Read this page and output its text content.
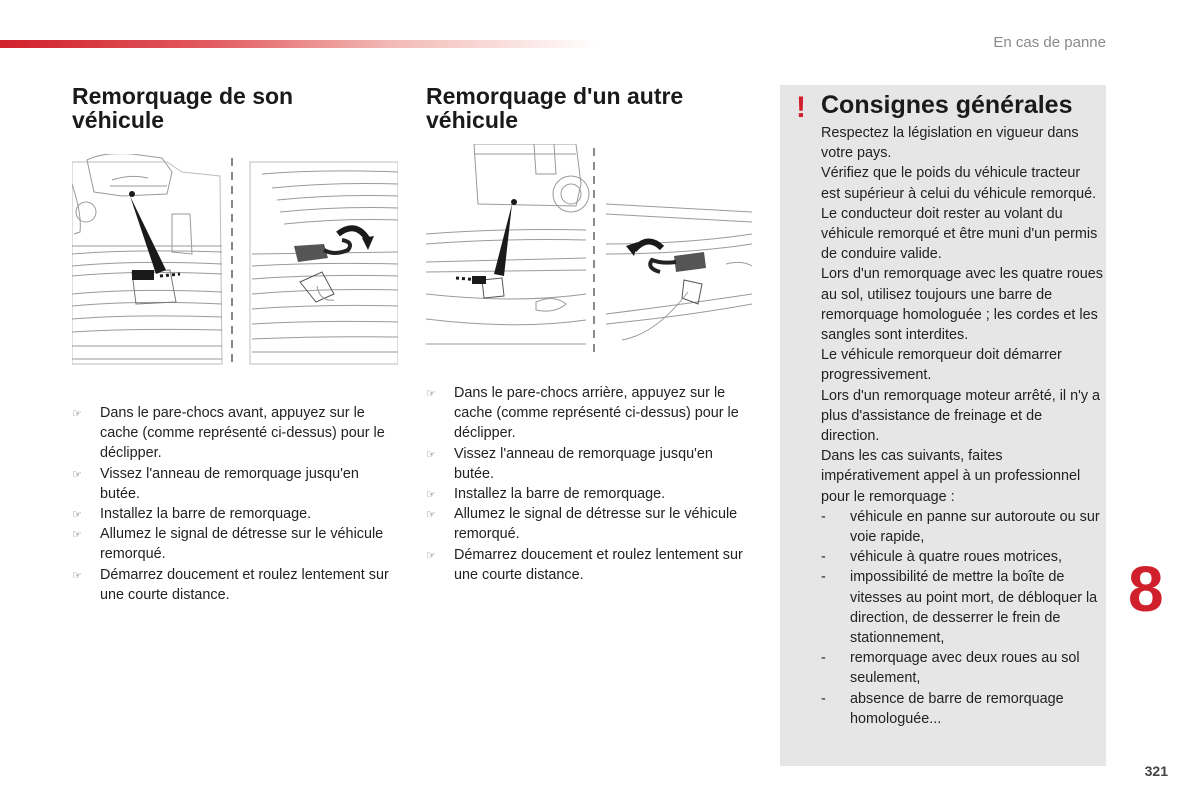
En cas de panne
Remorquage de son
véhicule
☞ Dans le pare-chocs avant, appuyez sur le cache (comme représenté ci-dessus) pour le déclipper.
☞ Vissez l'anneau de remorquage jusqu'en butée.
☞ Installez la barre de remorquage.
☞ Allumez le signal de détresse sur le véhicule remorqué.
☞ Démarrez doucement et roulez lentement sur une courte distance.
Remorquage d'un autre
véhicule
☞ Dans le pare-chocs arrière, appuyez sur le cache (comme représenté ci-dessus) pour le déclipper.
☞ Vissez l'anneau de remorquage jusqu'en butée.
☞ Installez la barre de remorquage.
☞ Allumez le signal de détresse sur le véhicule remorqué.
☞ Démarrez doucement et roulez lentement sur une courte distance.
! Consignes générales

Respectez la législation en vigueur dans votre pays.

Vérifiez que le poids du véhicule tracteur est supérieur à celui du véhicule remorqué.

Le conducteur doit rester au volant du véhicule remorqué et être muni d'un permis de conduire valide.

Lors d'un remorquage avec les quatre roues au sol, utilisez toujours une barre de remorquage homologuée ; les cordes et les sangles sont interdites.

Le véhicule remorqueur doit démarrer progressivement.

Lors d'un remorquage moteur arrêté, il n'y a plus d'assistance de freinage et de direction.

Dans les cas suivants, faites impérativement appel à un professionnel pour le remorquage :

- véhicule en panne sur autoroute ou sur voie rapide,
- véhicule à quatre roues motrices,
- impossibilité de mettre la boîte de vitesses au point mort, de débloquer la direction, de desserrer le frein de stationnement,
- remorquage avec deux roues au sol seulement,
- absence de barre de remorquage homologuée...
8
321
